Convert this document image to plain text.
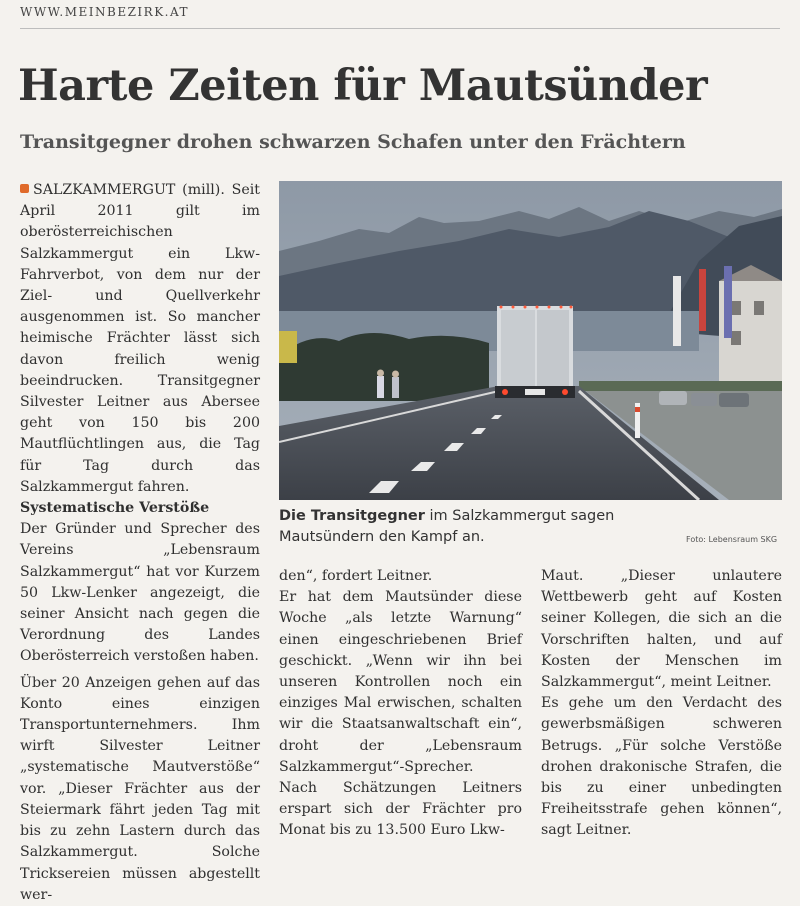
WWW.MEINBEZIRK.AT
Harte Zeiten für Mautsünder
Transitgegner drohen schwarzen Schafen unter den Frächtern

SALZKAMMERGUT (mill). Seit April 2011 gilt im oberösterreichischen Salzkammergut ein Lkw-Fahrverbot, von dem nur der Ziel- und Quellverkehr ausgenommen ist. So mancher heimische Frächter lässt sich davon freilich wenig beeindrucken. Transitgegner Silvester Leitner aus Abersee geht von 150 bis 200 Mautflüchtlingen aus, die Tag für Tag durch das Salzkammergut fahren.

Systematische Verstöße

Der Gründer und Sprecher des Vereins „Lebensraum Salzkammergut“ hat vor Kurzem 50 Lkw-Lenker angezeigt, die seiner Ansicht nach gegen die Verordnung des Landes Oberösterreich verstoßen haben.

Über 20 Anzeigen gehen auf das Konto eines einzigen Transportunternehmers. Ihm wirft Silvester Leitner „systematische Mautverstöße“ vor. „Dieser Frächter aus der Steiermark fährt jeden Tag mit bis zu zehn Lastern durch das Salzkammergut. Solche Tricksereien müssen abgestellt wer-

Die Transitgegner im Salzkammergut sagen Mautsündern den Kampf an.	Foto: Lebensraum SKG

den“, fordert Leitner.

Er hat dem Mautsünder diese Woche „als letzte Warnung“ einen eingeschriebenen Brief geschickt. „Wenn wir ihn bei unseren Kontrollen noch ein einziges Mal erwischen, schalten wir die Staatsanwaltschaft ein“, droht der „Lebensraum Salzkammergut“-Sprecher.

Nach Schätzungen Leitners erspart sich der Frächter pro Monat bis zu 13.500 Euro Lkw-

Maut. „Dieser unlautere Wettbewerb geht auf Kosten seiner Kollegen, die sich an die Vorschriften halten, und auf Kosten der Menschen im Salzkammergut“, meint Leitner.

Es gehe um den Verdacht des gewerbsmäßigen schweren Betrugs. „Für solche Verstöße drohen drakonische Strafen, die bis zu einer unbedingten Freiheitsstrafe gehen können“, sagt Leitner.
